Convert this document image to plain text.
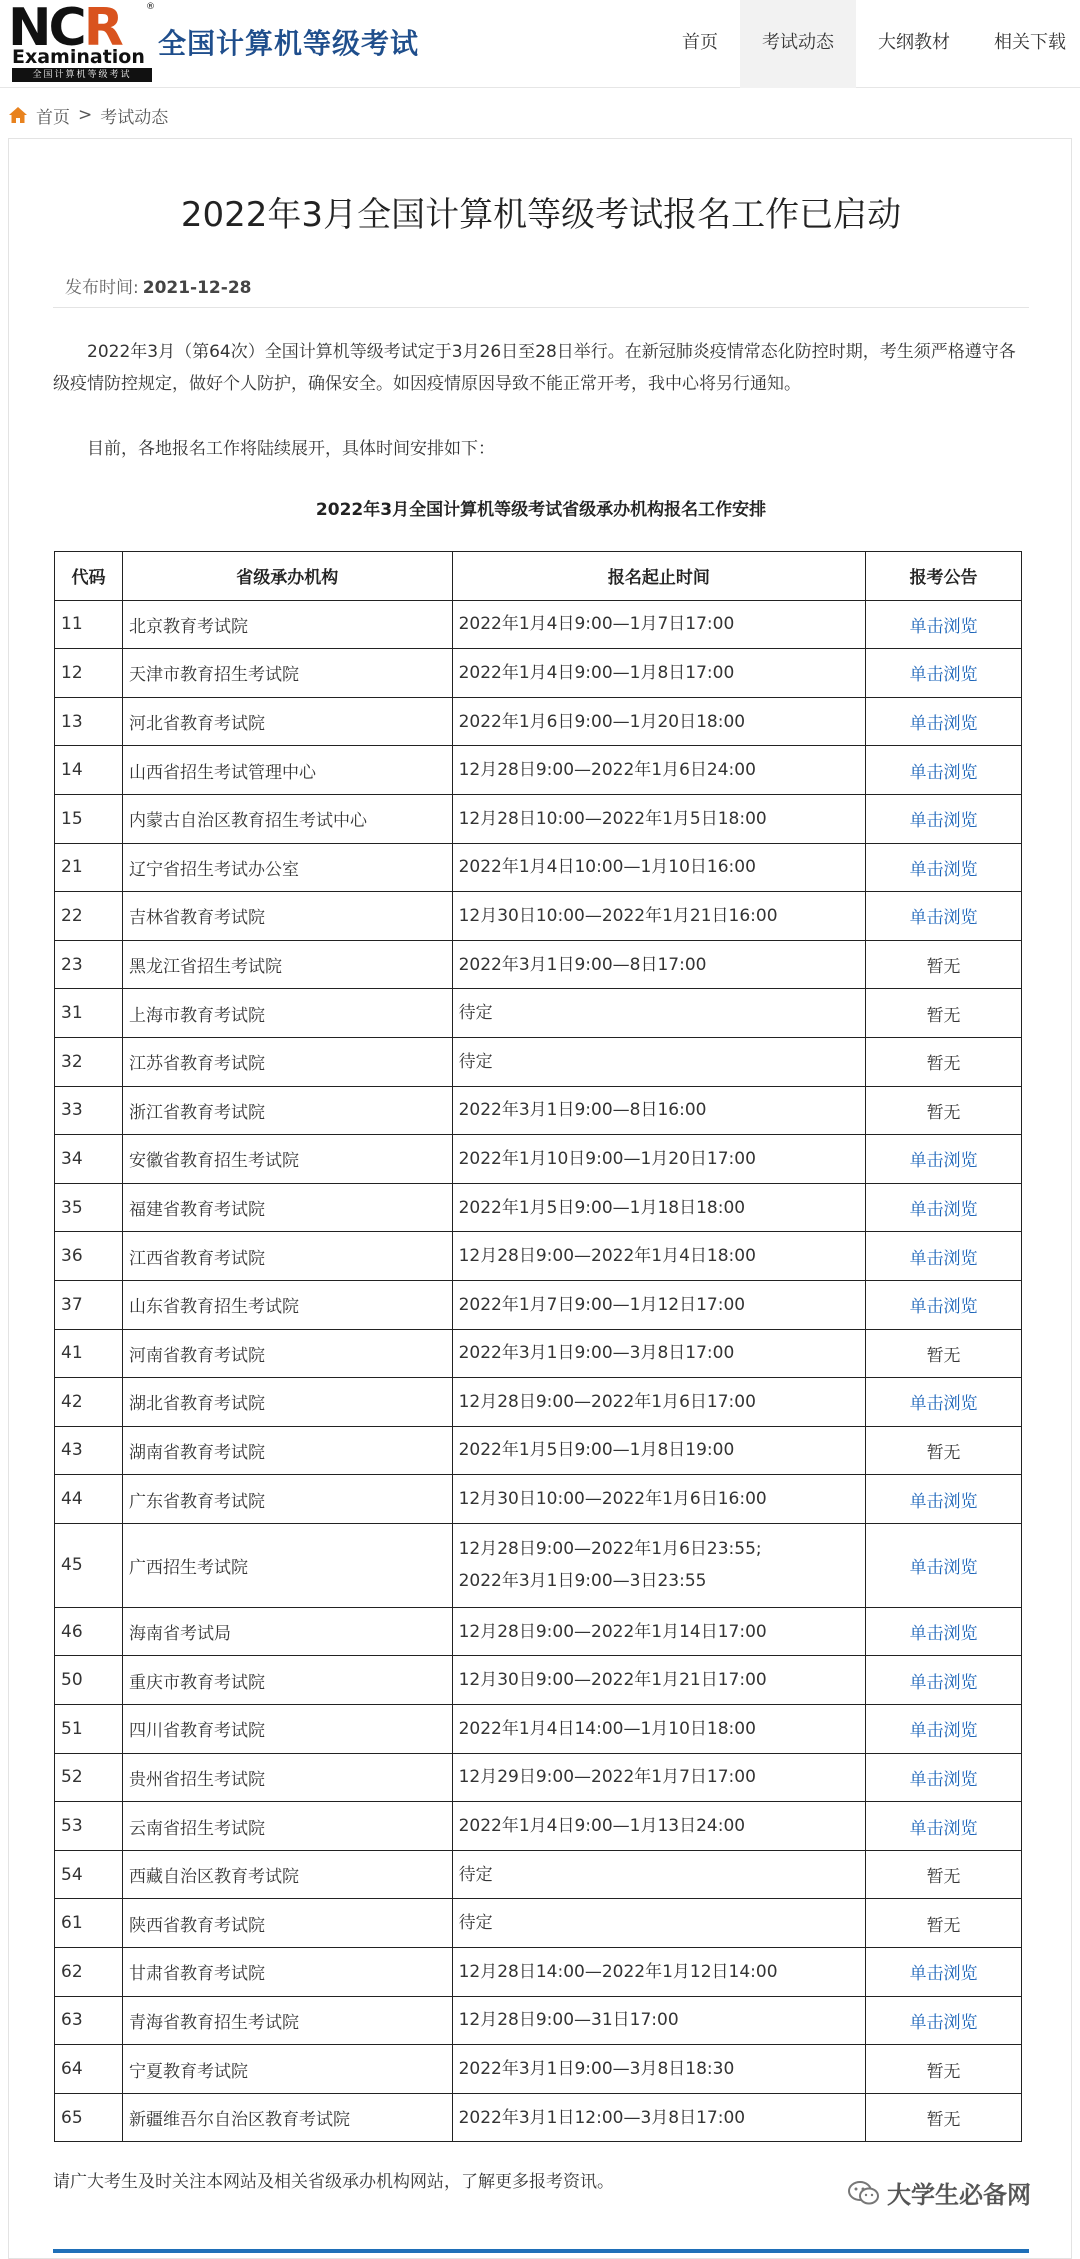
NCR	®
Examination
全国计算机等级考试
全国计算机等级考试	首页	考试动态	大纲教材	相关下载
首页 > 考试动态
2022年3月全国计算机等级考试报名工作已启动
发布时间: 2021-12-28

2022年3月（第64次）全国计算机等级考试定于3月26日至28日举行。在新冠肺炎疫情常态化防控时期，考生须严格遵守各级疫情防控规定，做好个人防护，确保安全。如因疫情原因导致不能正常开考，我中心将另行通知。

目前，各地报名工作将陆续展开，具体时间安排如下：

2022年3月全国计算机等级考试省级承办机构报名工作安排
代码	省级承办机构	报名起止时间	报考公告
11	北京教育考试院	2022年1月4日9:00—1月7日17:00	单击浏览
12	天津市教育招生考试院	2022年1月4日9:00—1月8日17:00	单击浏览
13	河北省教育考试院	2022年1月6日9:00—1月20日18:00	单击浏览
14	山西省招生考试管理中心	12月28日9:00—2022年1月6日24:00	单击浏览
15	内蒙古自治区教育招生考试中心	12月28日10:00—2022年1月5日18:00	单击浏览
21	辽宁省招生考试办公室	2022年1月4日10:00—1月10日16:00	单击浏览
22	吉林省教育考试院	12月30日10:00—2022年1月21日16:00	单击浏览
23	黑龙江省招生考试院	2022年3月1日9:00—8日17:00	暂无
31	上海市教育考试院	待定	暂无
32	江苏省教育考试院	待定	暂无
33	浙江省教育考试院	2022年3月1日9:00—8日16:00	暂无
34	安徽省教育招生考试院	2022年1月10日9:00—1月20日17:00	单击浏览
35	福建省教育考试院	2022年1月5日9:00—1月18日18:00	单击浏览
36	江西省教育考试院	12月28日9:00—2022年1月4日18:00	单击浏览
37	山东省教育招生考试院	2022年1月7日9:00—1月12日17:00	单击浏览
41	河南省教育考试院	2022年3月1日9:00—3月8日17:00	暂无
42	湖北省教育考试院	12月28日9:00—2022年1月6日17:00	单击浏览
43	湖南省教育考试院	2022年1月5日9:00—1月8日19:00	暂无
44	广东省教育考试院	12月30日10:00—2022年1月6日16:00	单击浏览
45	广西招生考试院	12月28日9:00—2022年1月6日23:55;
2022年3月1日9:00—3日23:55	单击浏览
46	海南省考试局	12月28日9:00—2022年1月14日17:00	单击浏览
50	重庆市教育考试院	12月30日9:00—2022年1月21日17:00	单击浏览
51	四川省教育考试院	2022年1月4日14:00—1月10日18:00	单击浏览
52	贵州省招生考试院	12月29日9:00—2022年1月7日17:00	单击浏览
53	云南省招生考试院	2022年1月4日9:00—1月13日24:00	单击浏览
54	西藏自治区教育考试院	待定	暂无
61	陕西省教育考试院	待定	暂无
62	甘肃省教育考试院	12月28日14:00—2022年1月12日14:00	单击浏览
63	青海省教育招生考试院	12月28日9:00—31日17:00	单击浏览
64	宁夏教育考试院	2022年3月1日9:00—3月8日18:30	暂无
65	新疆维吾尔自治区教育考试院	2022年3月1日12:00—3月8日17:00	暂无
请广大考生及时关注本网站及相关省级承办机构网站，了解更多报考资讯。	大学生必备网
